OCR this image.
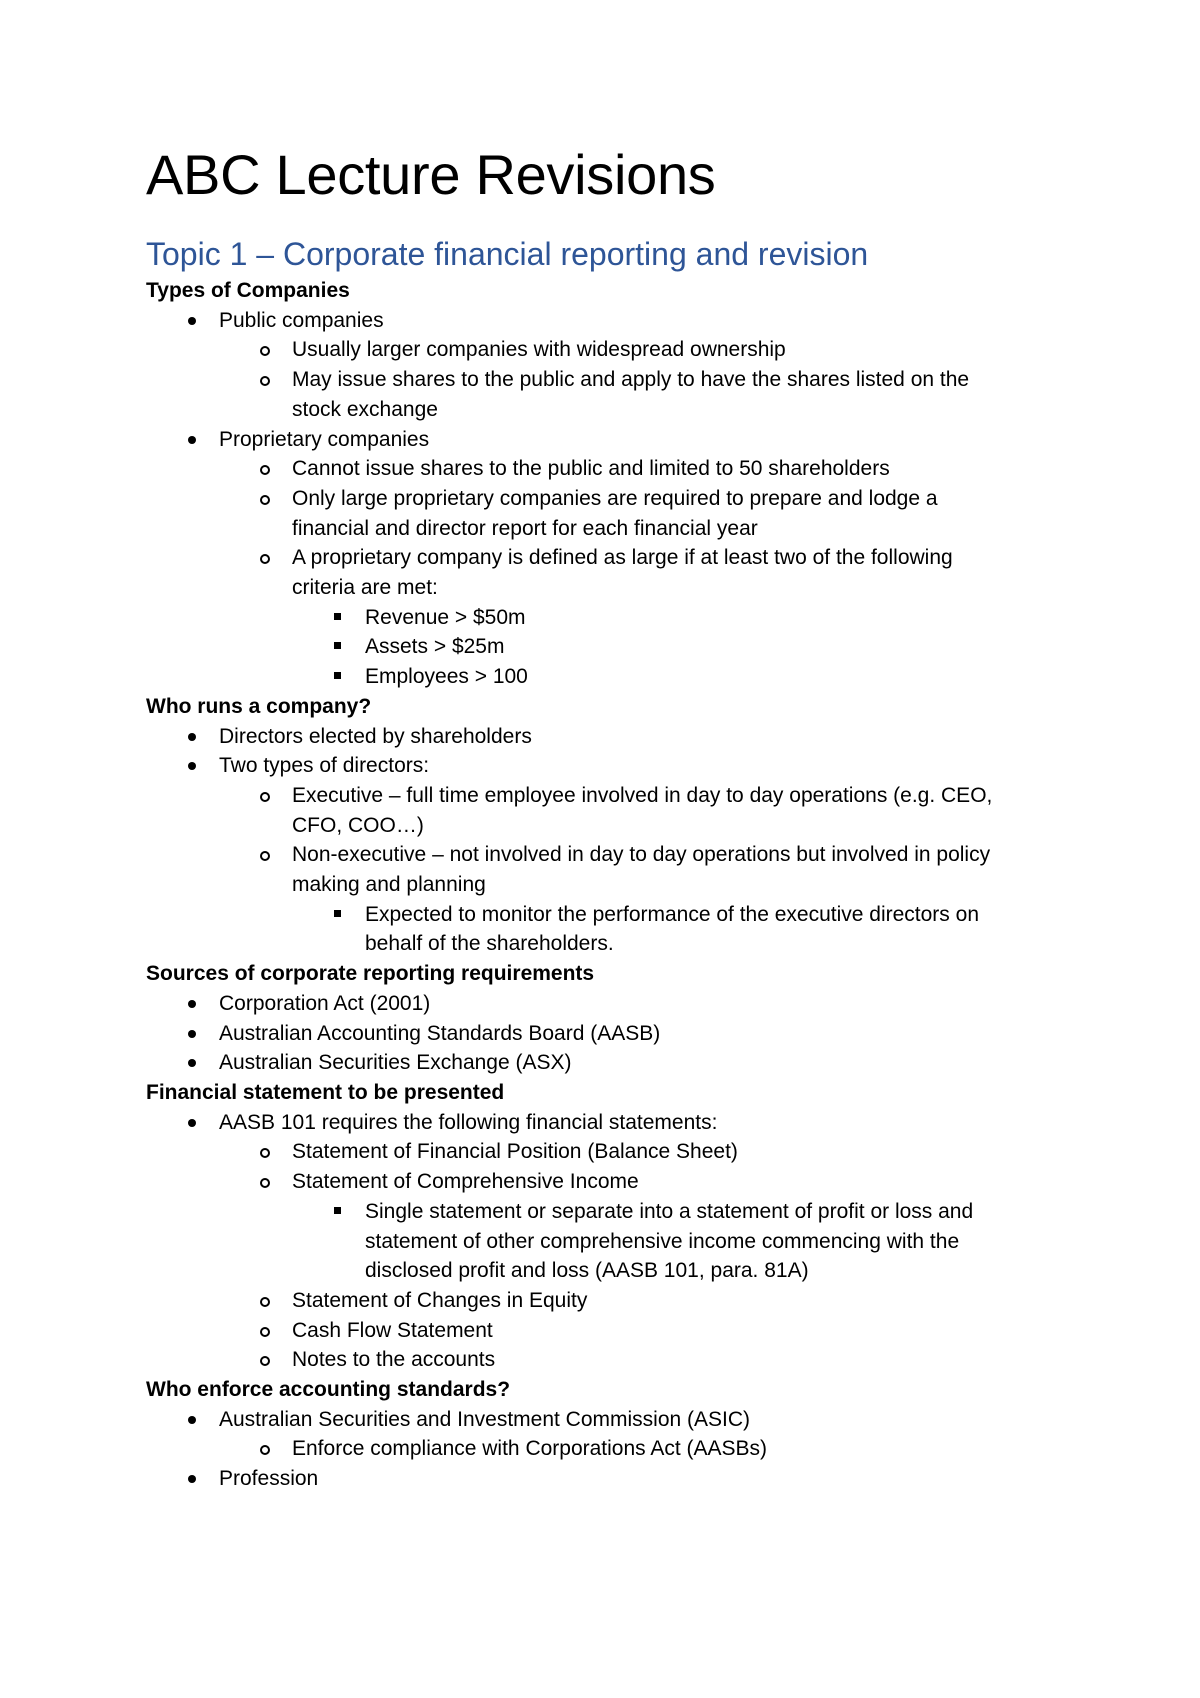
ABC Lecture Revisions
Topic 1 – Corporate financial reporting and revision
Types of Companies
Public companies
Usually larger companies with widespread ownership
May issue shares to the public and apply to have the shares listed on the
stock exchange
Proprietary companies
Cannot issue shares to the public and limited to 50 shareholders
Only large proprietary companies are required to prepare and lodge a
financial and director report for each financial year
A proprietary company is defined as large if at least two of the following
criteria are met:
Revenue > $50m
Assets > $25m
Employees > 100
Who runs a company?
Directors elected by shareholders
Two types of directors:
Executive – full time employee involved in day to day operations (e.g. CEO,
CFO, COO…)
Non-executive – not involved in day to day operations but involved in policy
making and planning
Expected to monitor the performance of the executive directors on
behalf of the shareholders.
Sources of corporate reporting requirements
Corporation Act (2001)
Australian Accounting Standards Board (AASB)
Australian Securities Exchange (ASX)
Financial statement to be presented
AASB 101 requires the following financial statements:
Statement of Financial Position (Balance Sheet)
Statement of Comprehensive Income
Single statement or separate into a statement of profit or loss and
statement of other comprehensive income commencing with the
disclosed profit and loss (AASB 101, para. 81A)
Statement of Changes in Equity
Cash Flow Statement
Notes to the accounts
Who enforce accounting standards?
Australian Securities and Investment Commission (ASIC)
Enforce compliance with Corporations Act (AASBs)
Profession
